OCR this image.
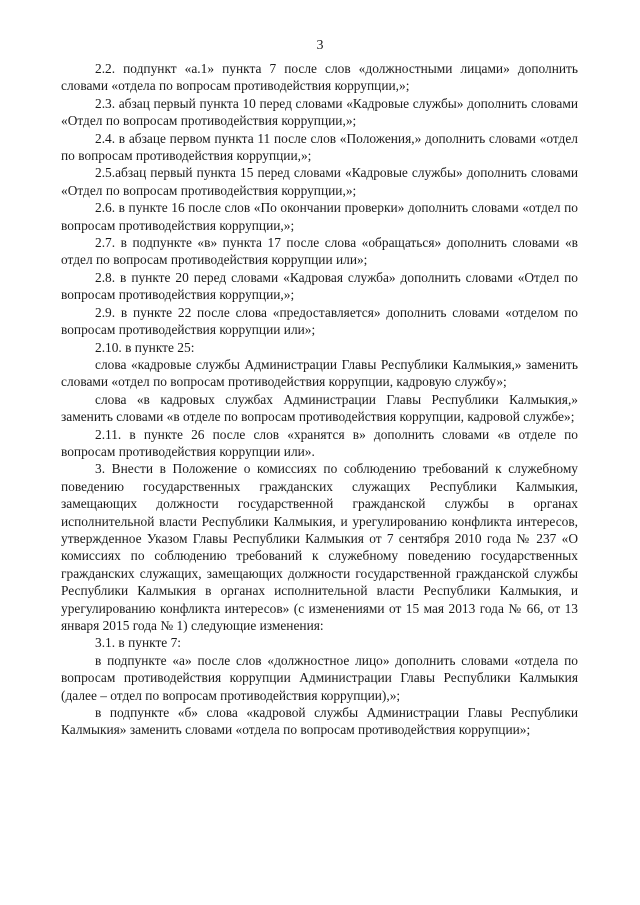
3

2.2. подпункт «а.1» пункта 7 после слов «должностными лицами» дополнить словами «отдела по вопросам противодействия коррупции,»;

2.3. абзац первый пункта 10 перед словами «Кадровые службы» дополнить словами «Отдел по вопросам противодействия коррупции,»;

2.4. в абзаце первом пункта 11 после слов «Положения,» дополнить словами «отдел по вопросам противодействия коррупции,»;

2.5.абзац первый пункта 15 перед словами «Кадровые службы» дополнить словами «Отдел по вопросам противодействия коррупции,»;

2.6. в пункте 16 после слов «По окончании проверки» дополнить словами «отдел по вопросам противодействия коррупции,»;

2.7. в подпункте «в» пункта 17 после слова «обращаться» дополнить словами «в отдел по вопросам противодействия коррупции или»;

2.8. в пункте 20 перед словами «Кадровая служба» дополнить словами «Отдел по вопросам противодействия коррупции,»;

2.9. в пункте 22 после слова «предоставляется» дополнить словами «отделом по вопросам противодействия коррупции или»;

2.10. в пункте 25:

слова «кадровые службы Администрации Главы Республики Калмыкия,» заменить словами «отдел по вопросам противодействия коррупции, кадровую службу»;

слова «в кадровых службах Администрации Главы Республики Калмыкия,» заменить словами «в отделе по вопросам противодействия коррупции, кадровой службе»;

2.11. в пункте 26 после слов «хранятся в» дополнить словами «в отделе по вопросам противодействия коррупции или».

3. Внести в Положение о комиссиях по соблюдению требований к служебному поведению государственных гражданских служащих Республики Калмыкия, замещающих должности государственной гражданской службы в органах исполнительной власти Республики Калмыкия, и урегулированию конфликта интересов, утвержденное Указом Главы Республики Калмыкия от 7 сентября 2010 года № 237 «О комиссиях по соблюдению требований к служебному поведению государственных гражданских служащих, замещающих должности государственной гражданской службы Республики Калмыкия в органах исполнительной власти Республики Калмыкия, и урегулированию конфликта интересов» (с изменениями от 15 мая 2013 года № 66, от 13 января 2015 года № 1) следующие изменения:

3.1. в пункте 7:

в подпункте «а» после слов «должностное лицо» дополнить словами «отдела по вопросам противодействия коррупции Администрации Главы Республики Калмыкия (далее – отдел по вопросам противодействия коррупции),»;

в подпункте «б» слова «кадровой службы Администрации Главы Республики Калмыкия» заменить словами «отдела по вопросам противодействия коррупции»;
